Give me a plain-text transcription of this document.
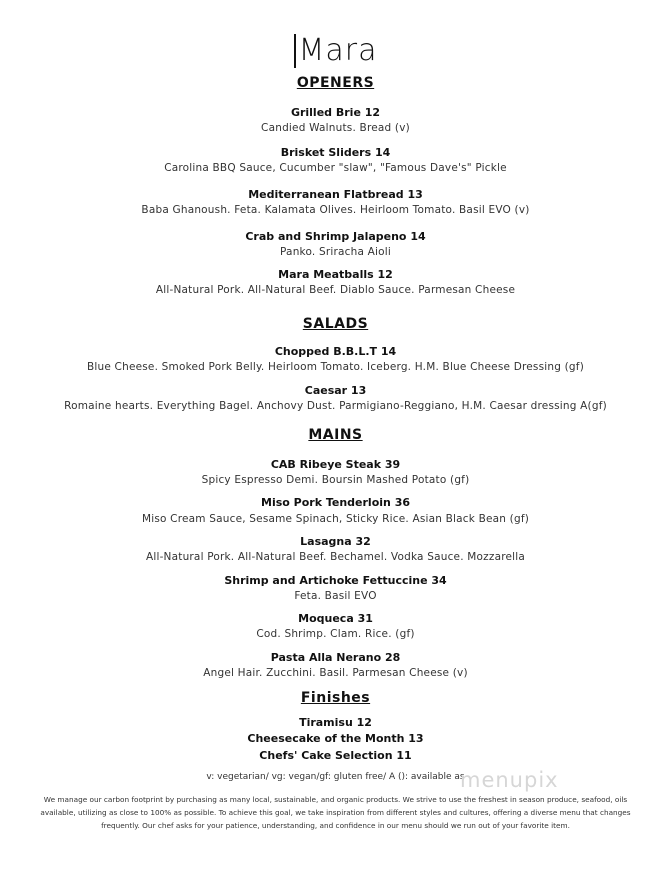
Mara
OPENERS
Grilled Brie 12
Candied Walnuts. Bread (v)
Brisket Sliders 14
Carolina BBQ Sauce, Cucumber "slaw", "Famous Dave's" Pickle
Mediterranean Flatbread 13
Baba Ghanoush. Feta. Kalamata Olives. Heirloom Tomato. Basil EVO (v)
Crab and Shrimp Jalapeno 14
Panko. Sriracha Aioli
Mara Meatballs 12
All-Natural Pork. All-Natural Beef. Diablo Sauce. Parmesan Cheese
SALADS
Chopped B.B.L.T 14
Blue Cheese. Smoked Pork Belly. Heirloom Tomato. Iceberg. H.M. Blue Cheese Dressing (gf)
Caesar 13
Romaine hearts. Everything Bagel. Anchovy Dust. Parmigiano-Reggiano, H.M. Caesar dressing A(gf)
MAINS
CAB Ribeye Steak 39
Spicy Espresso Demi. Boursin Mashed Potato (gf)
Miso Pork Tenderloin 36
Miso Cream Sauce, Sesame Spinach, Sticky Rice. Asian Black Bean (gf)
Lasagna 32
All-Natural Pork. All-Natural Beef. Bechamel. Vodka Sauce. Mozzarella
Shrimp and Artichoke Fettuccine 34
Feta. Basil EVO
Moqueca 31
Cod. Shrimp. Clam. Rice. (gf)
Pasta Alla Nerano 28
Angel Hair. Zucchini. Basil. Parmesan Cheese (v)
Finishes
Tiramisu 12
Cheesecake of the Month 13
Chefs' Cake Selection 11
v: vegetarian/ vg: vegan/gf: gluten free/ A (): available as
menupix
We manage our carbon footprint by purchasing as many local, sustainable, and organic products. We strive to use the freshest in season produce, seafood, oils available, utilizing as close to 100% as possible. To achieve this goal, we take inspiration from different styles and cultures, offering a diverse menu that changes frequently. Our chef asks for your patience, understanding, and confidence in our menu should we run out of your favorite item.
